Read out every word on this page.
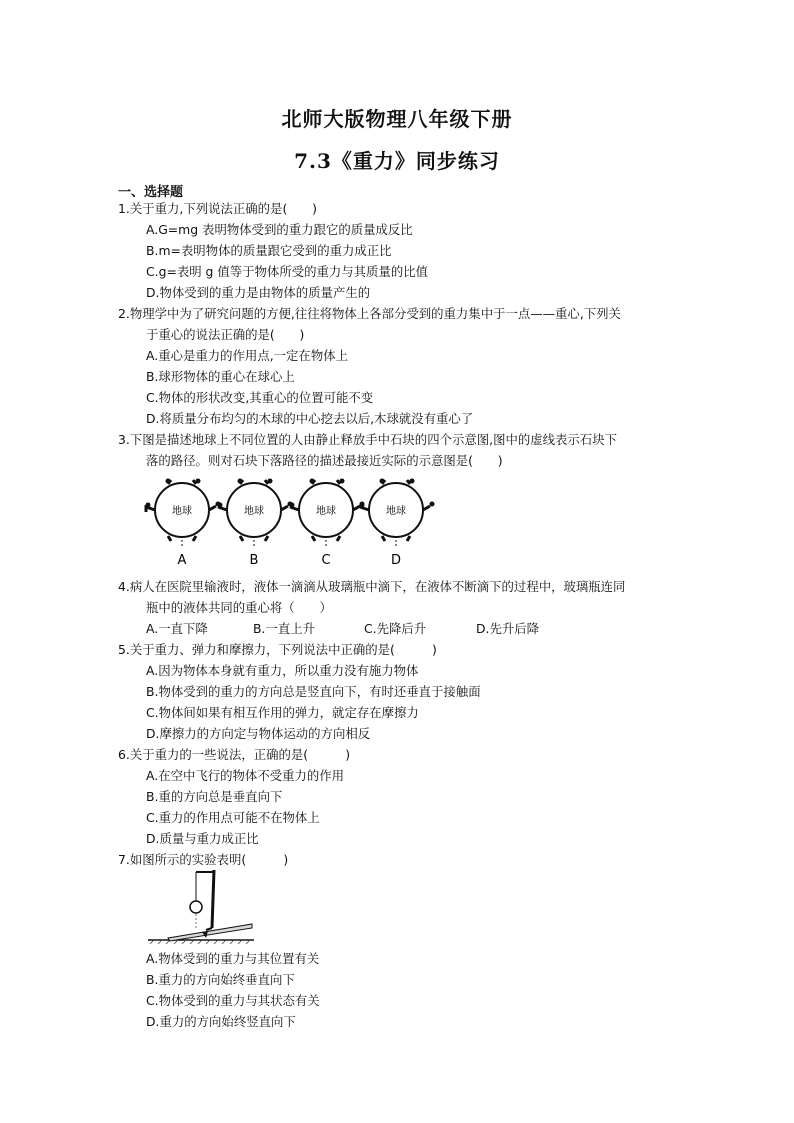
北师大版物理八年级下册
7.3《重力》同步练习
一、选择题
1.关于重力,下列说法正确的是(　　)
A.G=mg 表明物体受到的重力跟它的质量成反比
B.m=表明物体的质量跟它受到的重力成正比
C.g=表明 g 值等于物体所受的重力与其质量的比值
D.物体受到的重力是由物体的质量产生的
2.物理学中为了研究问题的方便,往往将物体上各部分受到的重力集中于一点——重心,下列关
于重心的说法正确的是(　　)
A.重心是重力的作用点,一定在物体上
B.球形物体的重心在球心上
C.物体的形状改变,其重心的位置可能不变
D.将质量分布均匀的木球的中心挖去以后,木球就没有重心了
3.下图是描述地球上不同位置的人由静止释放手中石块的四个示意图,图中的虚线表示石块下
落的路径。则对石块下落路径的描述最接近实际的示意图是(　　)
地球	地球	地球	地球
A	B	C	D
4.病人在医院里输液时，液体一滴滴从玻璃瓶中滴下，在液体不断滴下的过程中，玻璃瓶连同
瓶中的液体共同的重心将（　　）
A.一直下降	B.一直上升	C.先降后升	D.先升后降
5.关于重力、弹力和摩擦力，下列说法中正确的是(　　　)
A.因为物体本身就有重力，所以重力没有施力物体
B.物体受到的重力的方向总是竖直向下，有时还垂直于接触面
C.物体间如果有相互作用的弹力，就定存在摩擦力
D.摩擦力的方向定与物体运动的方向相反
6.关于重力的一些说法，正确的是(　　　)
A.在空中飞行的物体不受重力的作用
B.重的方向总是垂直向下
C.重力的作用点可能不在物体上
D.质量与重力成正比
7.如图所示的实验表明(　　　)
A.物体受到的重力与其位置有关
B.重力的方向始终垂直向下
C.物体受到的重力与其状态有关
D.重力的方向始终竖直向下
